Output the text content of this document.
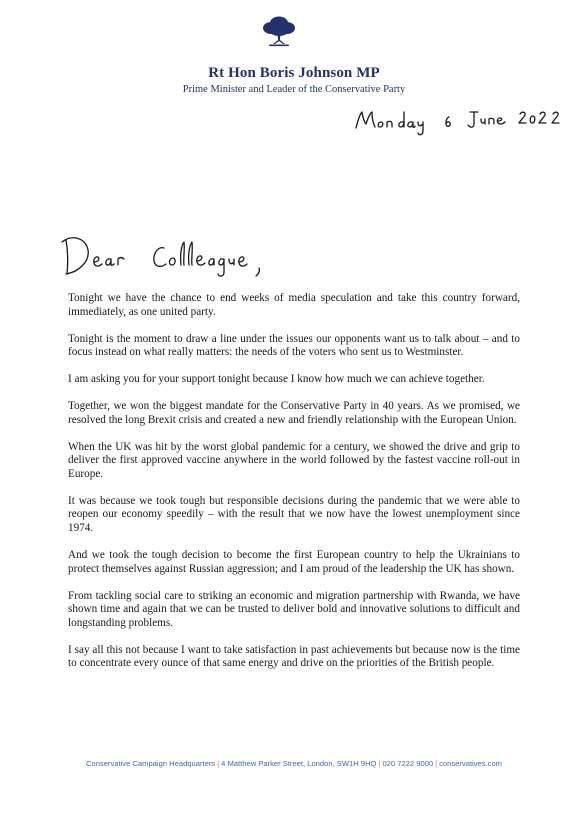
Rt Hon Boris Johnson MP
Prime Minister and Leader of the Conservative Party

Tonight we have the chance to end weeks of media speculation and take this country forward, immediately, as one united party.

Tonight is the moment to draw a line under the issues our opponents want us to talk about – and to focus instead on what really matters: the needs of the voters who sent us to Westminster.

I am asking you for your support tonight because I know how much we can achieve together.

Together, we won the biggest mandate for the Conservative Party in 40 years. As we promised, we resolved the long Brexit crisis and created a new and friendly relationship with the European Union.

When the UK was hit by the worst global pandemic for a century, we showed the drive and grip to deliver the first approved vaccine anywhere in the world followed by the fastest vaccine roll-out in Europe.

It was because we took tough but responsible decisions during the pandemic that we were able to reopen our economy speedily – with the result that we now have the lowest unemployment since 1974.

And we took the tough decision to become the first European country to help the Ukrainians to protect themselves against Russian aggression; and I am proud of the leadership the UK has shown.

From tackling social care to striking an economic and migration partnership with Rwanda, we have shown time and again that we can be trusted to deliver bold and innovative solutions to difficult and longstanding problems.

I say all this not because I want to take satisfaction in past achievements but because now is the time to concentrate every ounce of that same energy and drive on the priorities of the British people.

Conservative Campaign Headquarters | 4 Matthew Parker Street, London, SW1H 9HQ | 020 7222 9000 | conservatives.com
